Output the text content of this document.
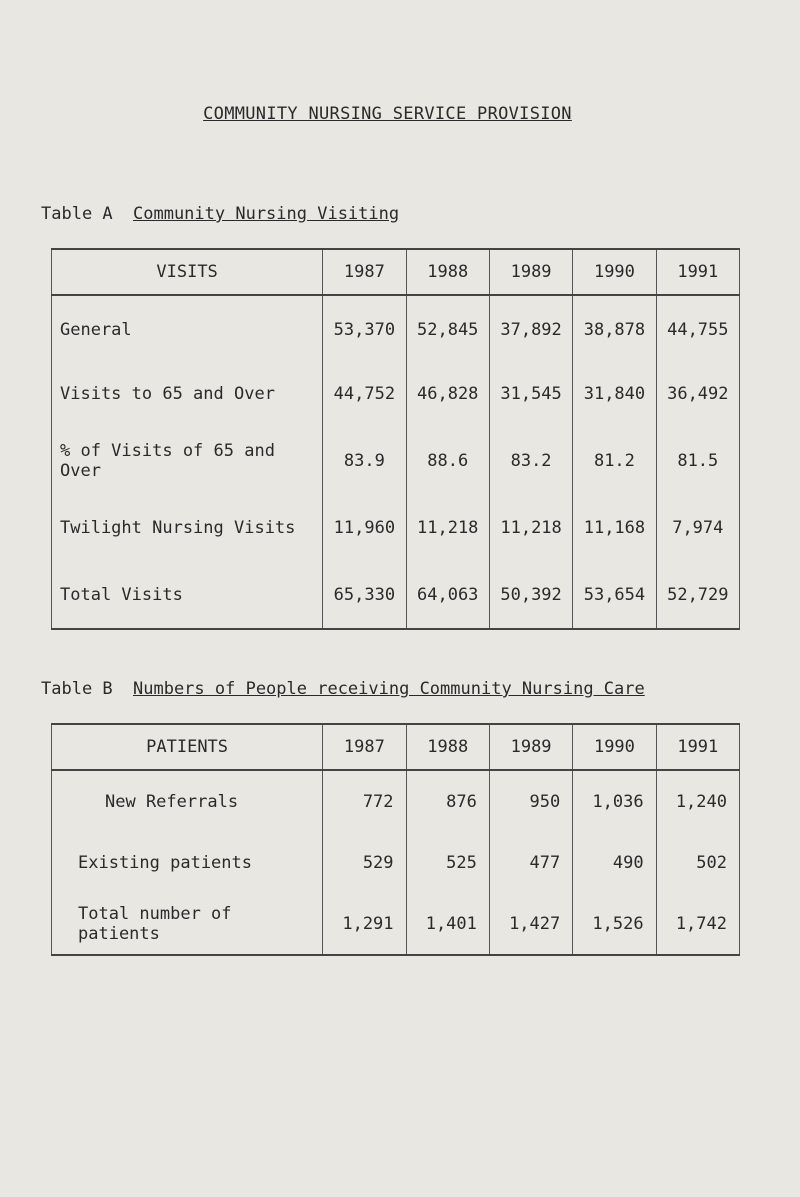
COMMUNITY NURSING SERVICE PROVISION
Table A Community Nursing Visiting
VISITS	1987	1988	1989	1990	1991
General	53,370	52,845	37,892	38,878	44,755
Visits to 65 and Over	44,752	46,828	31,545	31,840	36,492
% of Visits of 65 and Over	83.9	88.6	83.2	81.2	81.5
Twilight Nursing Visits	11,960	11,218	11,218	11,168	7,974
Total Visits	65,330	64,063	50,392	53,654	52,729
Table B Numbers of People receiving Community Nursing Care
PATIENTS	1987	1988	1989	1990	1991
New Referrals	772	876	950	1,036	1,240
Existing patients	529	525	477	490	502
Total number of patients	1,291	1,401	1,427	1,526	1,742
